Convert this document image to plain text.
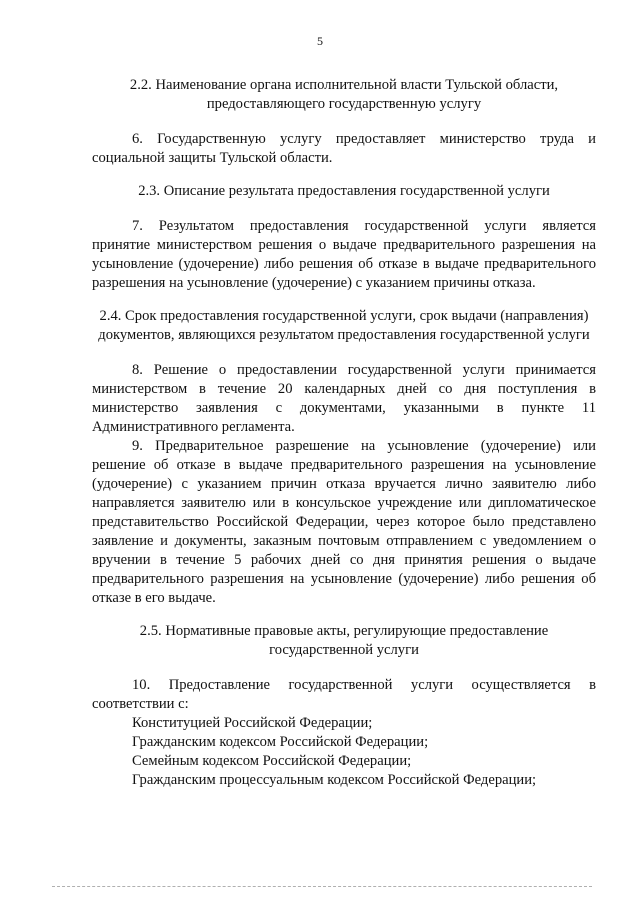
5
2.2. Наименование органа исполнительной власти Тульской области, предоставляющего государственную услугу

6. Государственную услугу предоставляет министерство труда и социальной защиты Тульской области.

2.3. Описание результата предоставления государственной услуги

7. Результатом предоставления государственной услуги является принятие министерством решения о выдаче предварительного разрешения на усыновление (удочерение) либо решения об отказе в выдаче предварительного разрешения на усыновление (удочерение) с указанием причины отказа.

2.4. Срок предоставления государственной услуги, срок выдачи (направления) документов, являющихся результатом предоставления государственной услуги

8. Решение о предоставлении государственной услуги принимается министерством в течение 20 календарных дней со дня поступления в министерство заявления с документами, указанными в пункте 11 Административного регламента.

9. Предварительное разрешение на усыновление (удочерение) или решение об отказе в выдаче предварительного разрешения на усыновление (удочерение) с указанием причин отказа вручается лично заявителю либо направляется заявителю или в консульское учреждение или дипломатическое представительство Российской Федерации, через которое было представлено заявление и документы, заказным почтовым отправлением с уведомлением о вручении в течение 5 рабочих дней со дня принятия решения о выдаче предварительного разрешения на усыновление (удочерение) либо решения об отказе в его выдаче.

2.5. Нормативные правовые акты, регулирующие предоставление государственной услуги

10. Предоставление государственной услуги осуществляется в соответствии с:

Конституцией Российской Федерации;

Гражданским кодексом Российской Федерации;

Семейным кодексом Российской Федерации;

Гражданским процессуальным кодексом Российской Федерации;
